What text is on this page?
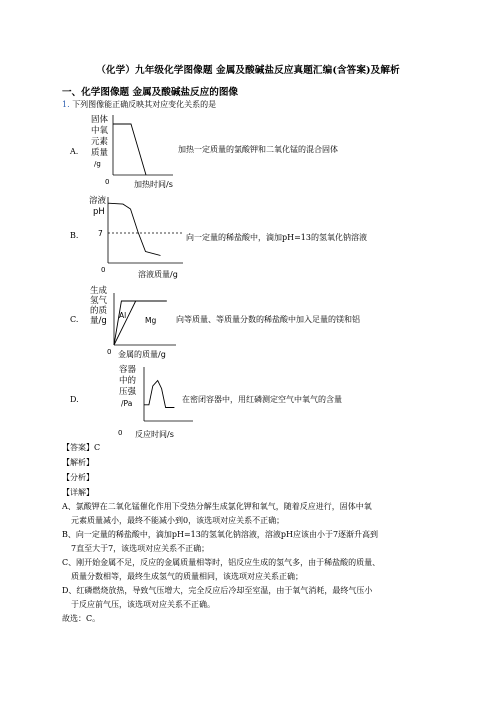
（化学）九年级化学图像题 金属及酸碱盐反应真题汇编(含答案)及解析
一、化学图像题 金属及酸碱盐反应的图像
1. 下列图像能正确反映其对应变化关系的是
A.
固体
中氧
元素
质量
/g
0	加热时间/s
加热一定质量的氯酸钾和二氧化锰的混合固体
B.
溶液
pH
7
0	溶液质量/g
向一定量的稀盐酸中，滴加pH=13的氢氧化钠溶液
C.
生成
氢气
的质
量/g
Al
Mg
0 金属的质量/g
向等质量、等质量分数的稀盐酸中加入足量的镁和铝
D.
容器
中的
压强
/Pa
0 反应时间/s
在密闭容器中，用红磷测定空气中氧气的含量
【答案】C
【解析】
【分析】
【详解】

A、氯酸钾在二氧化锰催化作用下受热分解生成氯化钾和氧气，随着反应进行，固体中氧

元素质量减小，最终不能减小到0，该选项对应关系不正确；

B、向一定量的稀盐酸中，滴加pH=13的氢氧化钠溶液，溶液pH应该由小于7逐渐升高到

7直至大于7，该选项对应关系不正确；

C、刚开始金属不足，反应的金属质量相等时，铝反应生成的氢气多，由于稀盐酸的质量、

质量分数相等，最终生成氢气的质量相同，该选项对应关系正确；

D、红磷燃烧放热，导致气压增大，完全反应后冷却至室温，由于氧气消耗，最终气压小

于反应前气压，该选项对应关系不正确。

故选：C。
